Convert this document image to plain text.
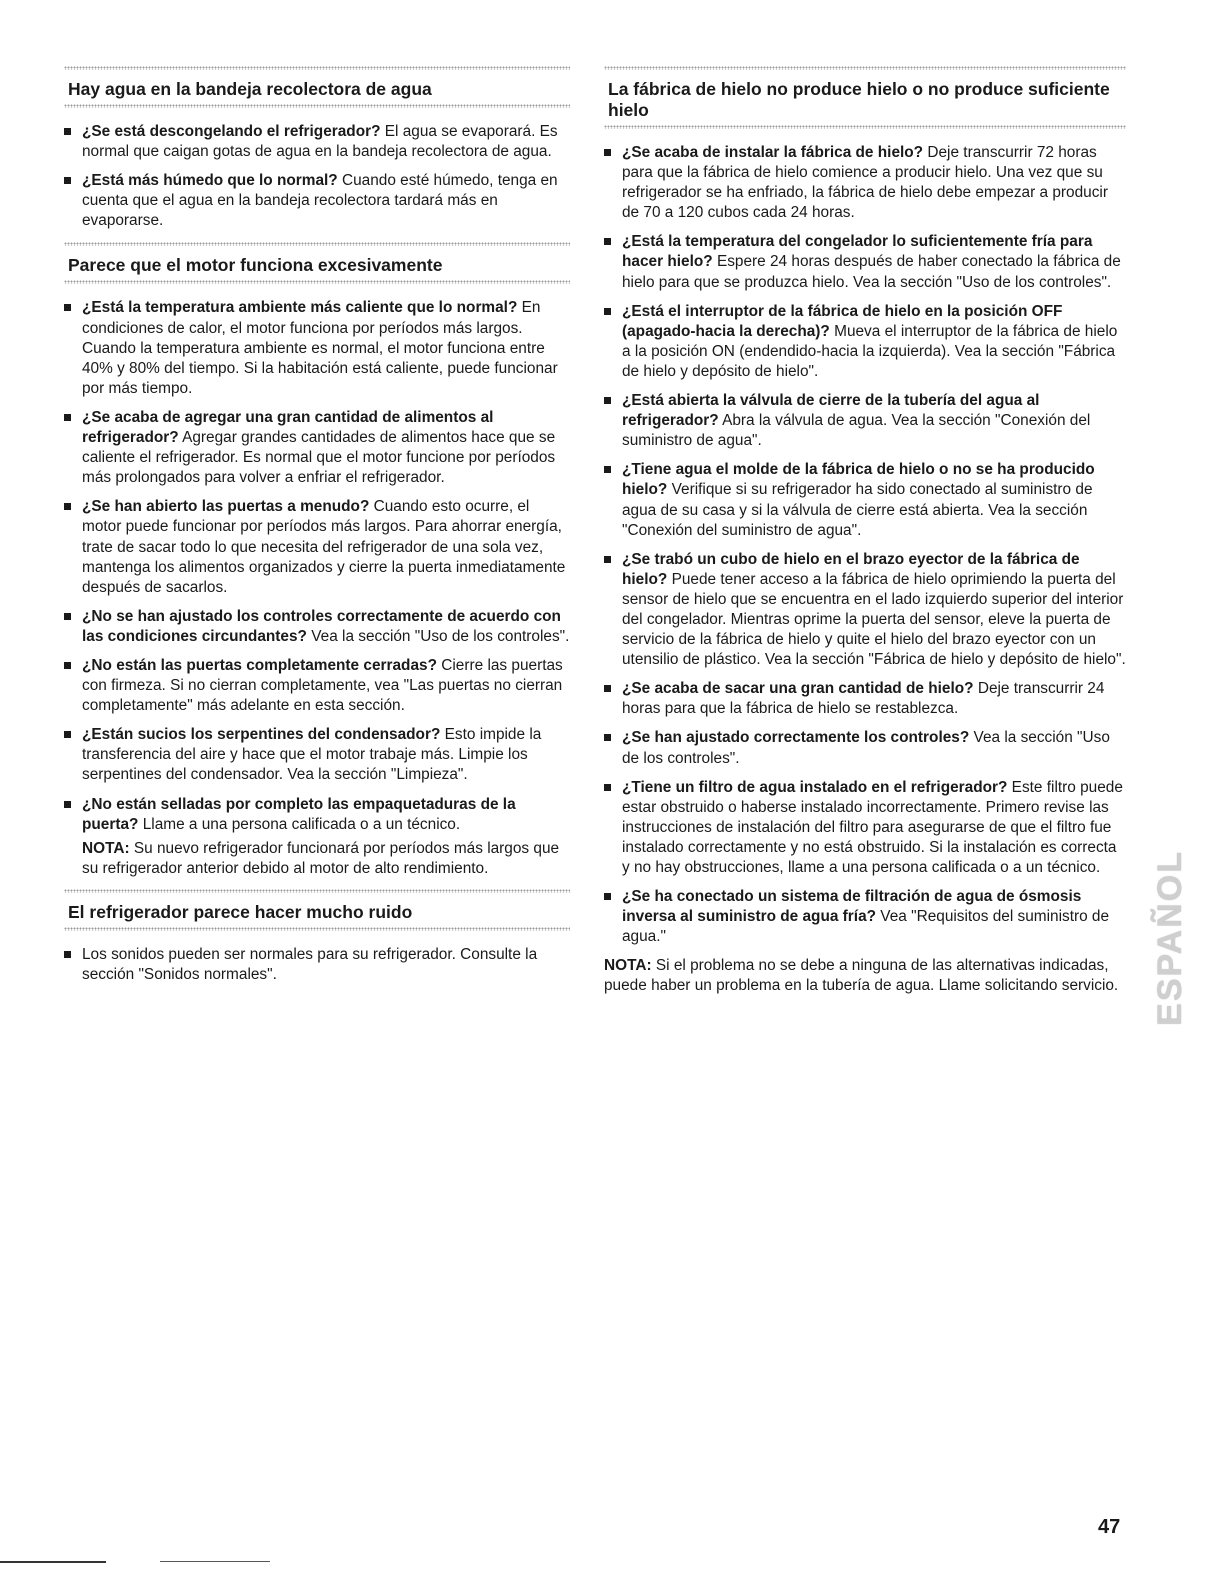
Hay agua en la bandeja recolectora de agua
¿Se está descongelando el refrigerador? El agua se evaporará. Es normal que caigan gotas de agua en la bandeja recolectora de agua.
¿Está más húmedo que lo normal? Cuando esté húmedo, tenga en cuenta que el agua en la bandeja recolectora tardará más en evaporarse.
Parece que el motor funciona excesivamente
¿Está la temperatura ambiente más caliente que lo normal? En condiciones de calor, el motor funciona por períodos más largos. Cuando la temperatura ambiente es normal, el motor funciona entre 40% y 80% del tiempo. Si la habitación está caliente, puede funcionar por más tiempo.
¿Se acaba de agregar una gran cantidad de alimentos al refrigerador? Agregar grandes cantidades de alimentos hace que se caliente el refrigerador. Es normal que el motor funcione por períodos más prolongados para volver a enfriar el refrigerador.
¿Se han abierto las puertas a menudo? Cuando esto ocurre, el motor puede funcionar por períodos más largos. Para ahorrar energía, trate de sacar todo lo que necesita del refrigerador de una sola vez, mantenga los alimentos organizados y cierre la puerta inmediatamente después de sacarlos.
¿No se han ajustado los controles correctamente de acuerdo con las condiciones circundantes? Vea la sección "Uso de los controles".
¿No están las puertas completamente cerradas? Cierre las puertas con firmeza. Si no cierran completamente, vea "Las puertas no cierran completamente" más adelante en esta sección.
¿Están sucios los serpentines del condensador? Esto impide la transferencia del aire y hace que el motor trabaje más. Limpie los serpentines del condensador. Vea la sección "Limpieza".
¿No están selladas por completo las empaquetaduras de la puerta? Llame a una persona calificada o a un técnico.

NOTA: Su nuevo refrigerador funcionará por períodos más largos que su refrigerador anterior debido al motor de alto rendimiento.

El refrigerador parece hacer mucho ruido
Los sonidos pueden ser normales para su refrigerador. Consulte la sección "Sonidos normales".
La fábrica de hielo no produce hielo o no produce suficiente hielo
¿Se acaba de instalar la fábrica de hielo? Deje transcurrir 72 horas para que la fábrica de hielo comience a producir hielo. Una vez que su refrigerador se ha enfriado, la fábrica de hielo debe empezar a producir de 70 a 120 cubos cada 24 horas.
¿Está la temperatura del congelador lo suficientemente fría para hacer hielo? Espere 24 horas después de haber conectado la fábrica de hielo para que se produzca hielo. Vea la sección "Uso de los controles".
¿Está el interruptor de la fábrica de hielo en la posición OFF (apagado-hacia la derecha)? Mueva el interruptor de la fábrica de hielo a la posición ON (endendido-hacia la izquierda). Vea la sección "Fábrica de hielo y depósito de hielo".
¿Está abierta la válvula de cierre de la tubería del agua al refrigerador? Abra la válvula de agua. Vea la sección "Conexión del suministro de agua".
¿Tiene agua el molde de la fábrica de hielo o no se ha producido hielo? Verifique si su refrigerador ha sido conectado al suministro de agua de su casa y si la válvula de cierre está abierta. Vea la sección "Conexión del suministro de agua".
¿Se trabó un cubo de hielo en el brazo eyector de la fábrica de hielo? Puede tener acceso a la fábrica de hielo oprimiendo la puerta del sensor de hielo que se encuentra en el lado izquierdo superior del interior del congelador. Mientras oprime la puerta del sensor, eleve la puerta de servicio de la fábrica de hielo y quite el hielo del brazo eyector con un utensilio de plástico. Vea la sección "Fábrica de hielo y depósito de hielo".
¿Se acaba de sacar una gran cantidad de hielo? Deje transcurrir 24 horas para que la fábrica de hielo se restablezca.
¿Se han ajustado correctamente los controles? Vea la sección "Uso de los controles".
¿Tiene un filtro de agua instalado en el refrigerador? Este filtro puede estar obstruido o haberse instalado incorrectamente. Primero revise las instrucciones de instalación del filtro para asegurarse de que el filtro fue instalado correctamente y no está obstruido. Si la instalación es correcta y no hay obstrucciones, llame a una persona calificada o a un técnico.
¿Se ha conectado un sistema de filtración de agua de ósmosis inversa al suministro de agua fría? Vea "Requisitos del suministro de agua."

NOTA: Si el problema no se debe a ninguna de las alternativas indicadas, puede haber un problema en la tubería de agua. Llame solicitando servicio. ESPAÑOL
47
